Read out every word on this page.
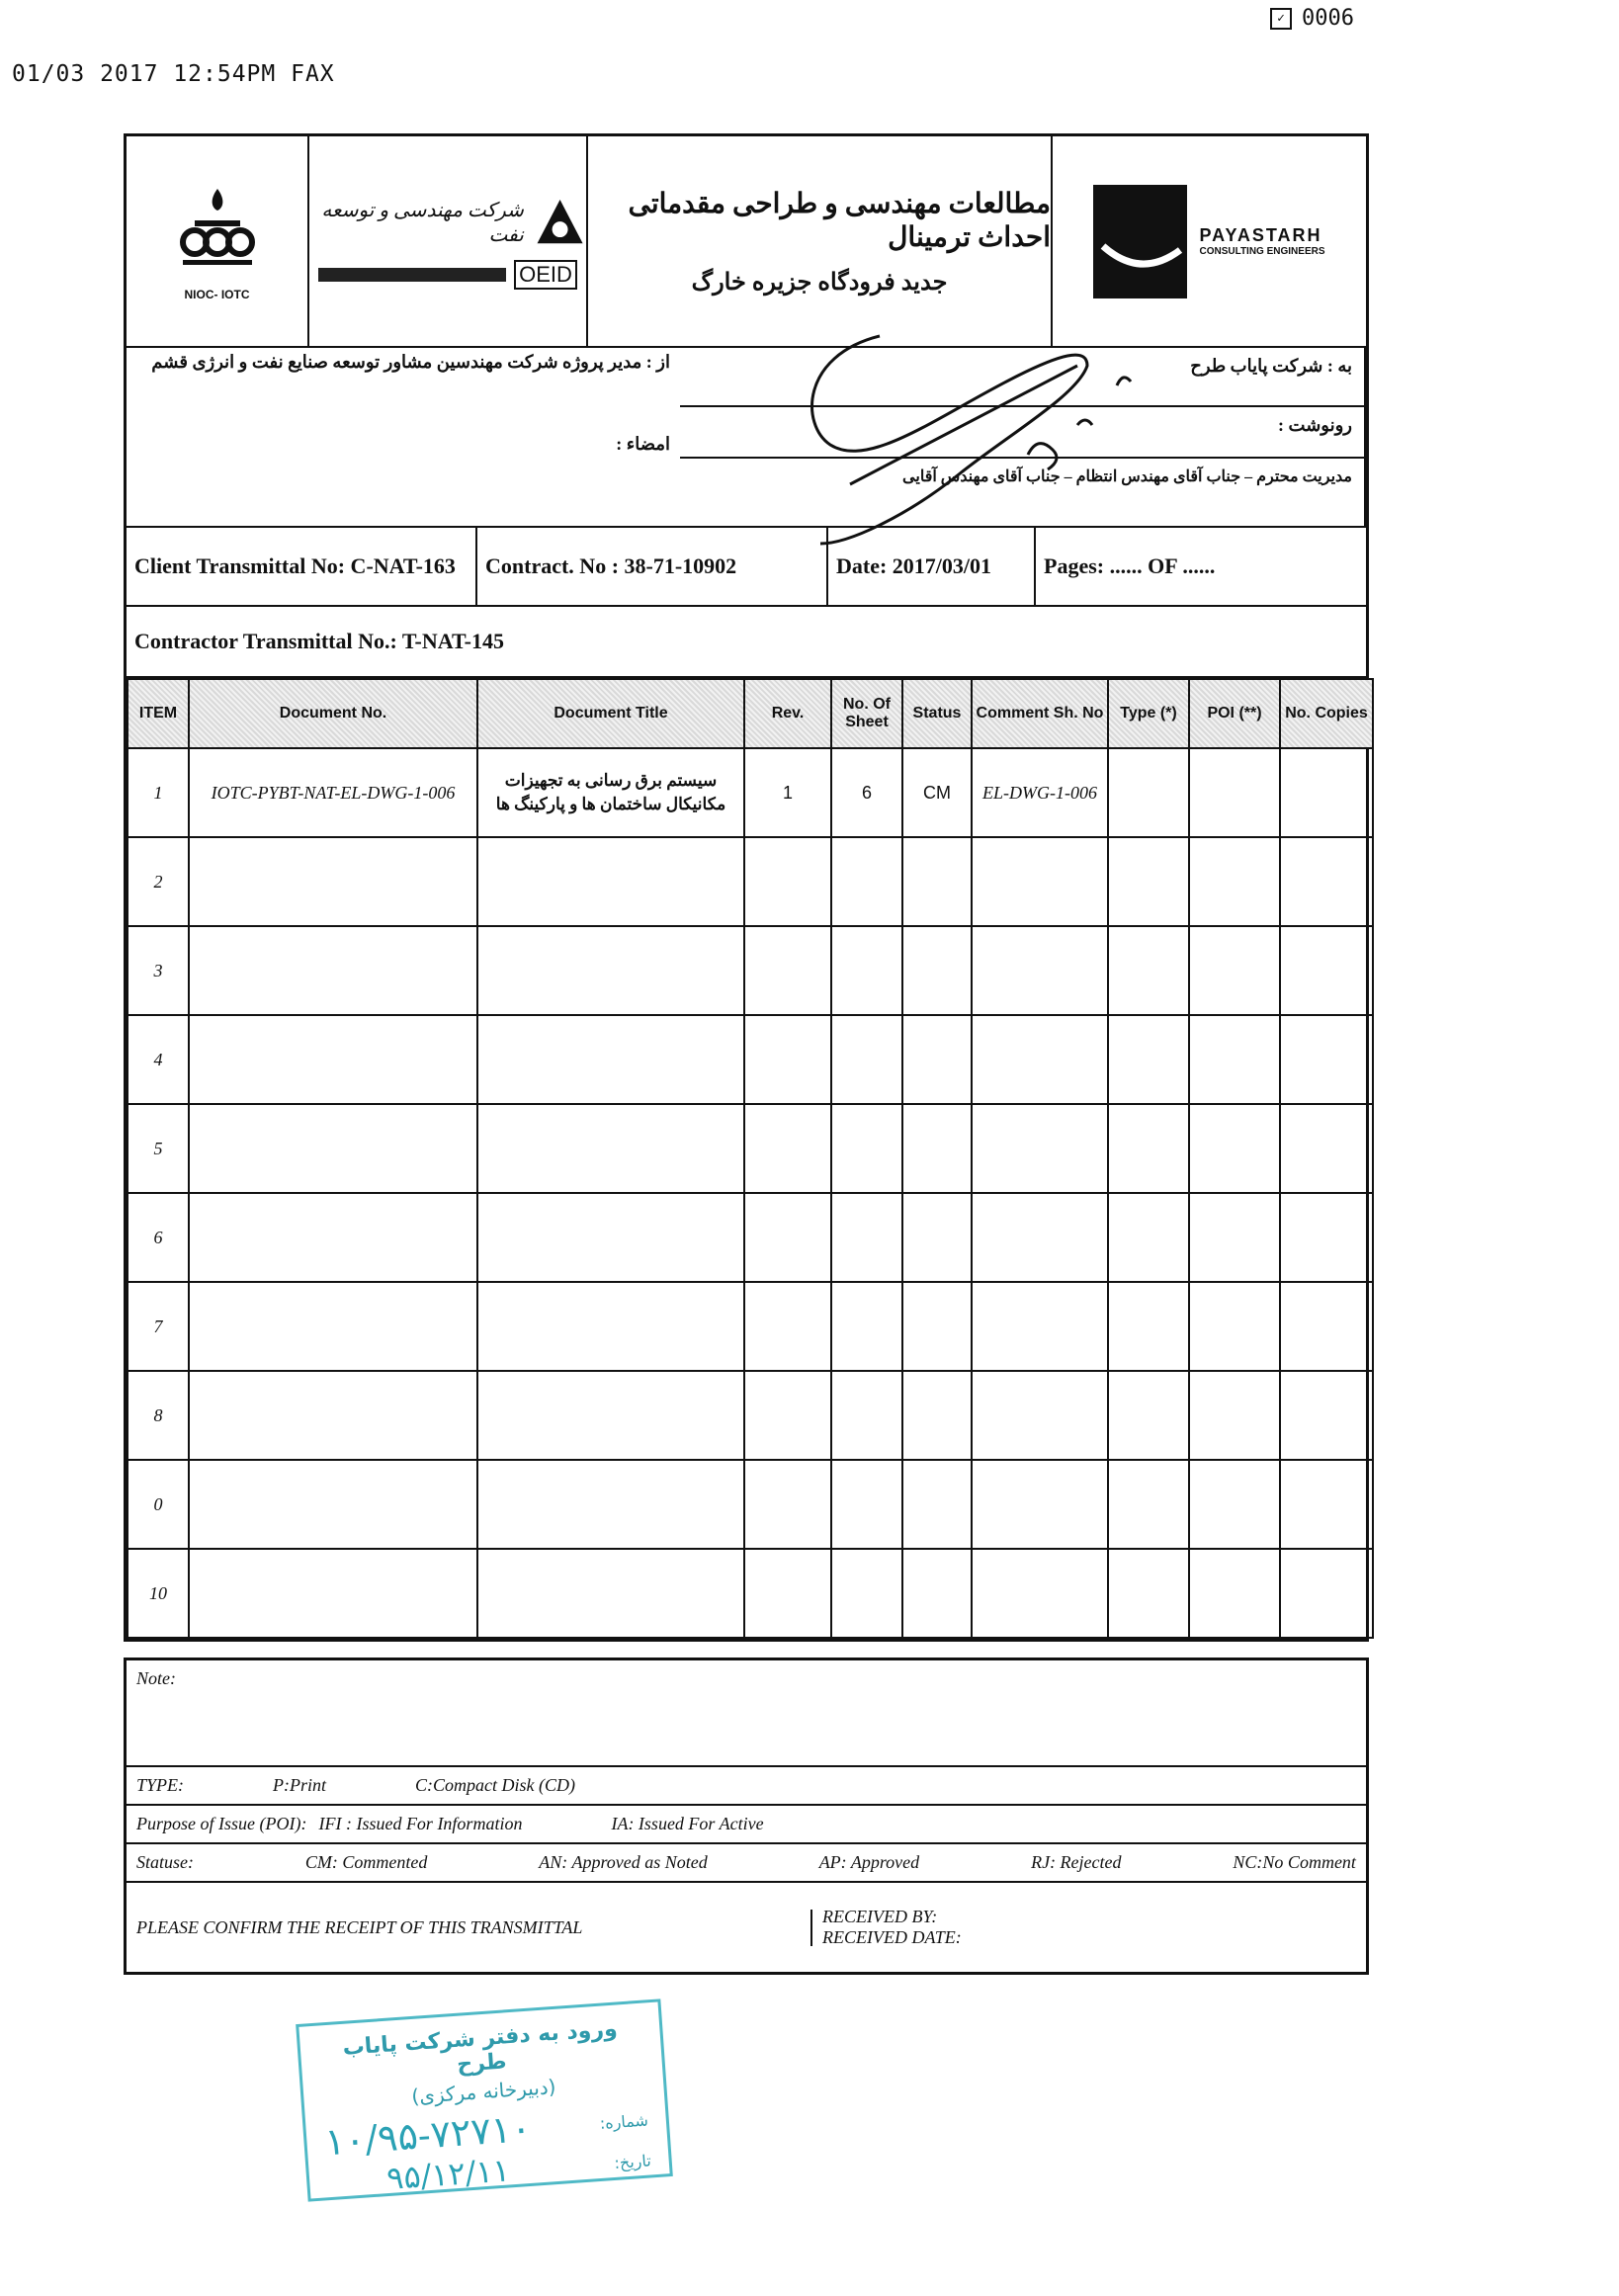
01/03 2017 12:54PM FAX
✓ 0006
NIOC- IOTC
شرکت مهندسی و توسعه نفت
OEID
مطالعات مهندسی و طراحی مقدماتی احداث ترمینال
جدید فرودگاه جزیره خارگ
PAYASTARH
CONSULTING ENGINEERS
از : مدیر پروژه شرکت مهندسین مشاور توسعه صنایع نفت و انرژی قشم
امضاء :
به : شرکت پایاب طرح
رونوشت :
مدیریت محترم – جناب آقای مهندس انتظام – جناب آقای مهندس آقایی
Client Transmittal No: C-NAT-163	Contract. No : 38-71-10902	Date: 2017/03/01	Pages: ...... OF ......
Contractor Transmittal No.: T-NAT-145
ITEM	Document No.	Document Title	Rev.	No. Of Sheet	Status	Comment Sh. No	Type (*)	POI (**)	No. Copies
1	IOTC-PYBT-NAT-EL-DWG-1-006	سیستم برق رسانی به تجهیزات مکانیکال ساختمان ها و پارکینگ ها	1	6	CM	EL-DWG-1-006			
2									
3									
4									
5									
6									
7									
8									
0									
10									
Note:
TYPE:	P:Print	C:Compact Disk (CD)
Purpose of Issue (POI): IFI : Issued For Information	IA: Issued For Active
Statuse:	CM: Commented	AN: Approved as Noted	AP: Approved	RJ: Rejected	NC:No Comment
PLEASE CONFIRM THE RECEIPT OF THIS TRANSMITTAL
RECEIVED BY:
RECEIVED DATE:
ورود به دفتر شرکت پایاب طرح
(دبیرخانه مرکزی)
شماره:
۱۰/۹۵-۷۲۷۱۰	تاریخ:
۹۵/۱۲/۱۱
